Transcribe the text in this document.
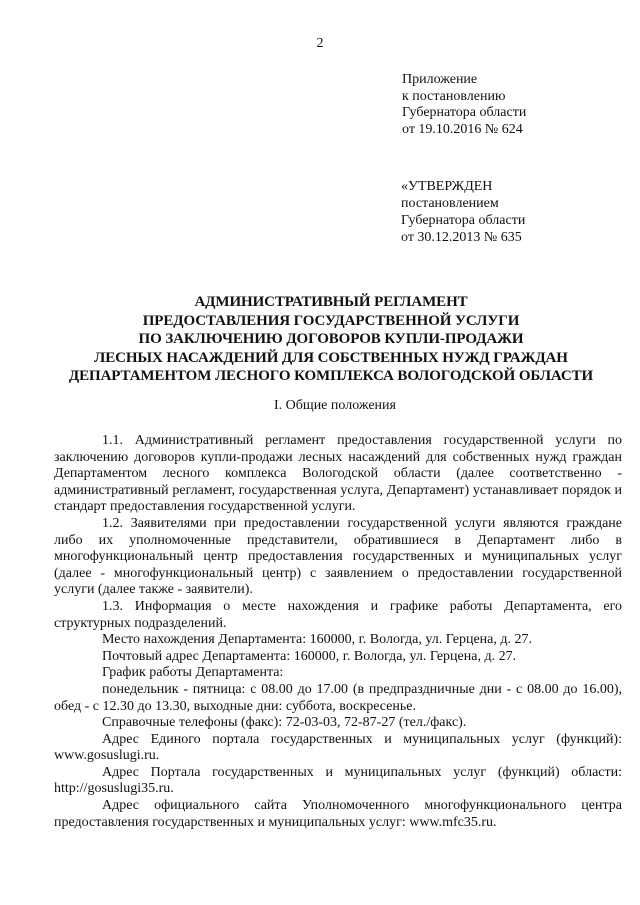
2
Приложение
к постановлению
Губернатора области
от 19.10.2016 № 624
«УТВЕРЖДЕН
постановлением
Губернатора области
от 30.12.2013 № 635
АДМИНИСТРАТИВНЫЙ РЕГЛАМЕНТ
ПРЕДОСТАВЛЕНИЯ ГОСУДАРСТВЕННОЙ УСЛУГИ
ПО ЗАКЛЮЧЕНИЮ ДОГОВОРОВ КУПЛИ-ПРОДАЖИ
ЛЕСНЫХ НАСАЖДЕНИЙ ДЛЯ СОБСТВЕННЫХ НУЖД ГРАЖДАН
ДЕПАРТАМЕНТОМ ЛЕСНОГО КОМПЛЕКСА ВОЛОГОДСКОЙ ОБЛАСТИ
I. Общие положения

1.1. Административный регламент предоставления государственной услуги по заключению договоров купли-продажи лесных насаждений для собственных нужд граждан Департаментом лесного комплекса Вологодской области (далее соответственно - административный регламент, государственная услуга, Департамент) устанавливает порядок и стандарт предоставления государственной услуги.

1.2. Заявителями при предоставлении государственной услуги являются граждане либо их уполномоченные представители, обратившиеся в Департамент либо в многофункциональный центр предоставления государственных и муниципальных услуг (далее - многофункциональный центр) с заявлением о предоставлении государственной услуги (далее также - заявители).

1.3. Информация о месте нахождения и графике работы Департамента, его структурных подразделений.

Место нахождения Департамента: 160000, г. Вологда, ул. Герцена, д. 27.

Почтовый адрес Департамента: 160000, г. Вологда, ул. Герцена, д. 27.

График работы Департамента:

понедельник - пятница: с 08.00 до 17.00 (в предпраздничные дни - с 08.00 до 16.00), обед - с 12.30 до 13.30, выходные дни: суббота, воскресенье.

Справочные телефоны (факс): 72-03-03, 72-87-27 (тел./факс).

Адрес Единого портала государственных и муниципальных услуг (функций): www.gosuslugi.ru.

Адрес Портала государственных и муниципальных услуг (функций) области: http://gosuslugi35.ru.

Адрес официального сайта Уполномоченного многофункционального центра предоставления государственных и муниципальных услуг: www.mfc35.ru.
